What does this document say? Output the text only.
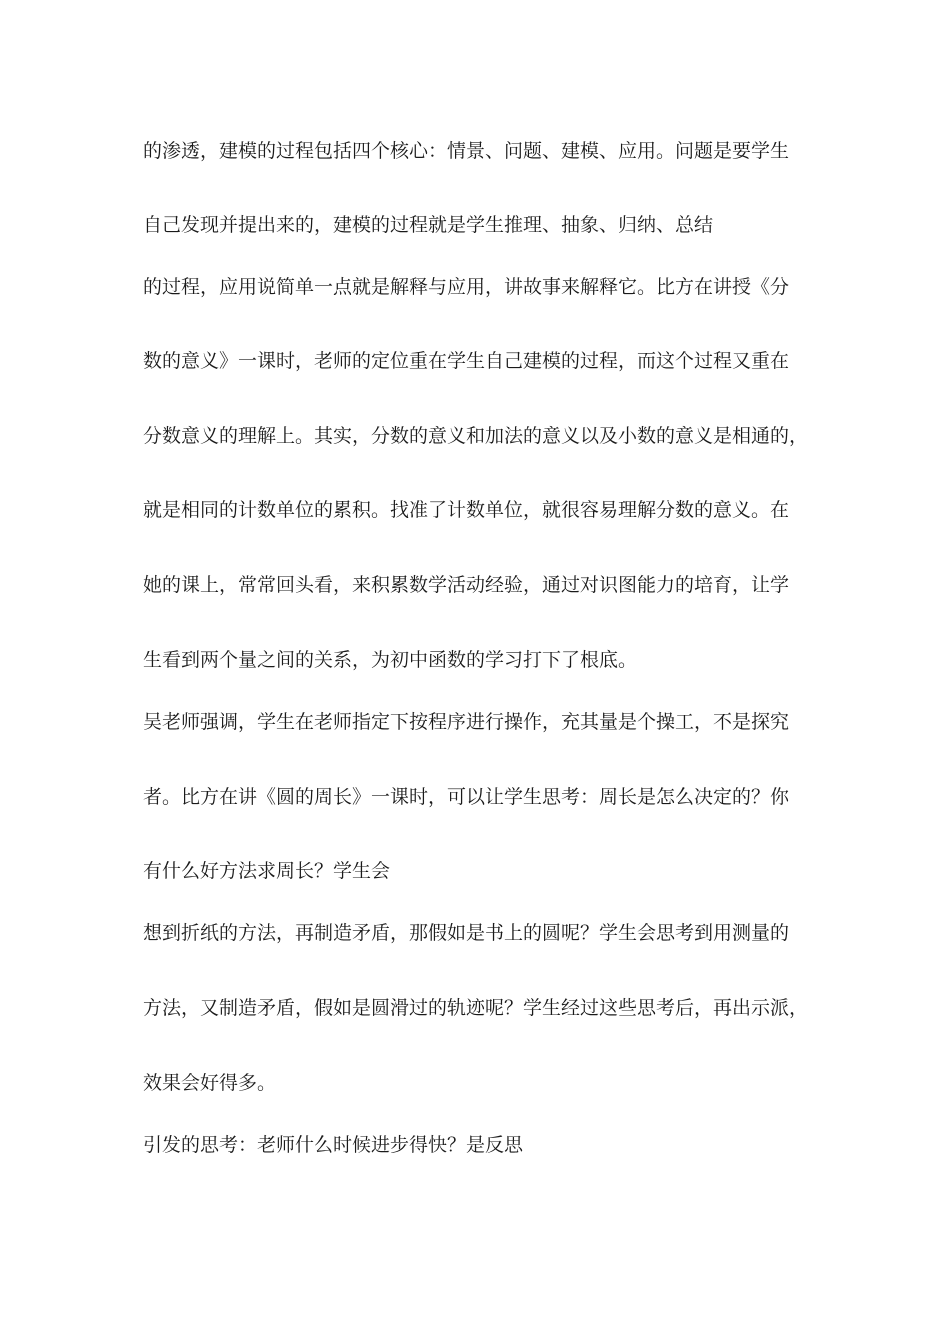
的渗透，建模的过程包括四个核心：情景、问题、建模、应用。问题是要学生
自己发现并提出来的，建模的过程就是学生推理、抽象、归纳、总结
的过程，应用说简单一点就是解释与应用，讲故事来解释它。比方在讲授《分
数的意义》一课时，老师的定位重在学生自己建模的过程，而这个过程又重在
分数意义的理解上。其实，分数的意义和加法的意义以及小数的意义是相通的，
就是相同的计数单位的累积。找准了计数单位，就很容易理解分数的意义。在
她的课上，常常回头看，来积累数学活动经验，通过对识图能力的培育，让学
生看到两个量之间的关系，为初中函数的学习打下了根底。
吴老师强调，学生在老师指定下按程序进行操作，充其量是个操工，不是探究
者。比方在讲《圆的周长》一课时，可以让学生思考：周长是怎么决定的？你
有什么好方法求周长？学生会
想到折纸的方法，再制造矛盾，那假如是书上的圆呢？学生会思考到用测量的
方法，又制造矛盾，假如是圆滑过的轨迹呢？学生经过这些思考后，再出示派，
效果会好得多。
引发的思考：老师什么时候进步得快？是反思
